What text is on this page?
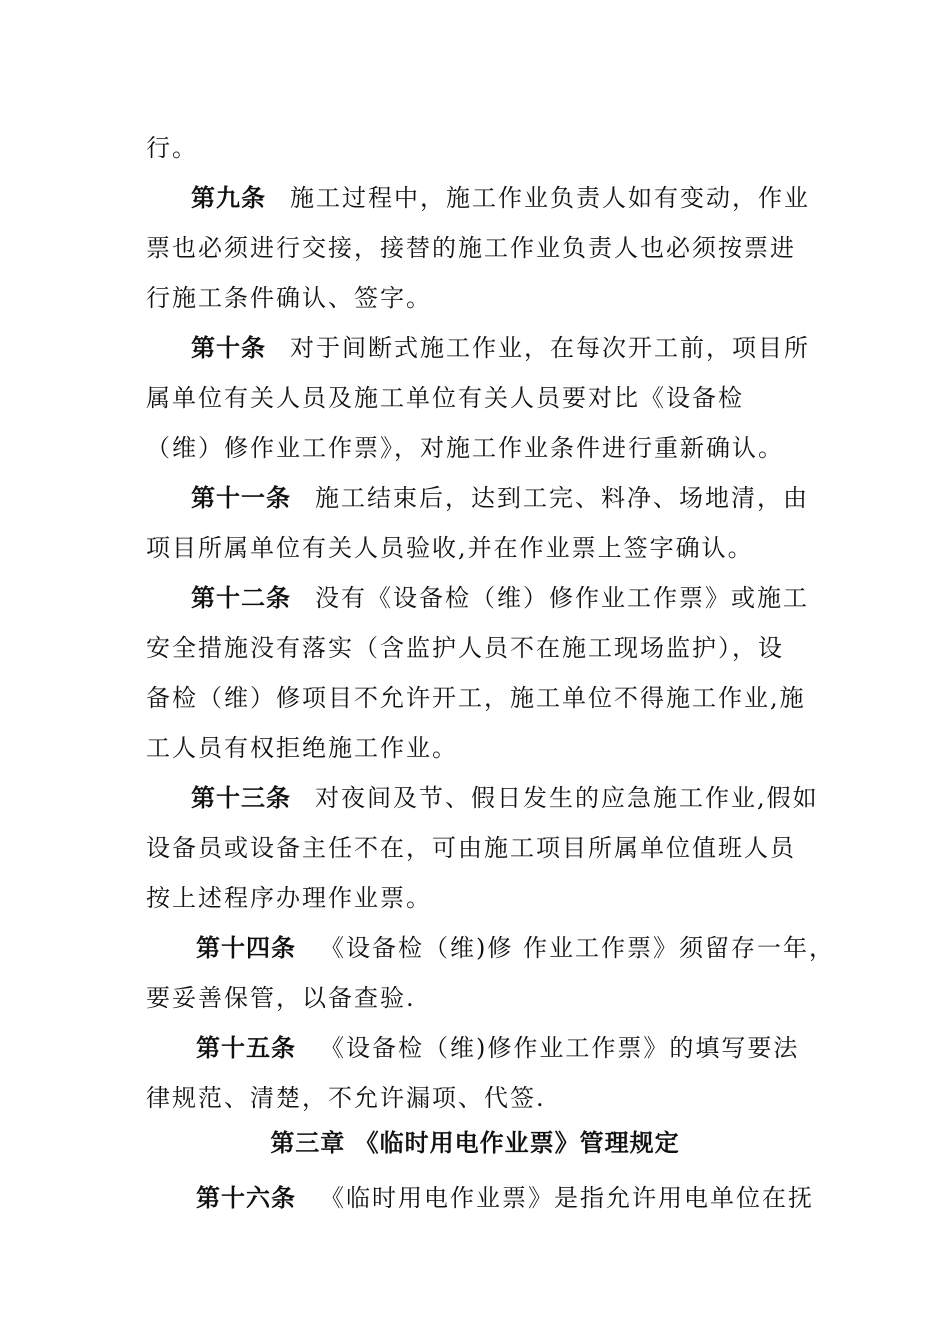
行。
第九条 施工过程中，施工作业负责人如有变动，作业
票也必须进行交接，接替的施工作业负责人也必须按票进
行施工条件确认、签字。
第十条 对于间断式施工作业，在每次开工前，项目所
属单位有关人员及施工单位有关人员要对比《设备检
（维）修作业工作票》，对施工作业条件进行重新确认。
第十一条 施工结束后，达到工完、料净、场地清，由
项目所属单位有关人员验收,并在作业票上签字确认。
第十二条 没有《设备检（维）修作业工作票》或施工
安全措施没有落实（含监护人员不在施工现场监护），设
备检（维）修项目不允许开工，施工单位不得施工作业,施
工人员有权拒绝施工作业。
第十三条 对夜间及节、假日发生的应急施工作业,假如
设备员或设备主任不在，可由施工项目所属单位值班人员
按上述程序办理作业票。
第十四条 《设备检（维)修 作业工作票》须留存一年，
要妥善保管，以备查验.
第十五条 《设备检（维)修作业工作票》的填写要法
律规范、清楚，不允许漏项、代签.
第三章 《临时用电作业票》管理规定
第十六条 《临时用电作业票》是指允许用电单位在抚
